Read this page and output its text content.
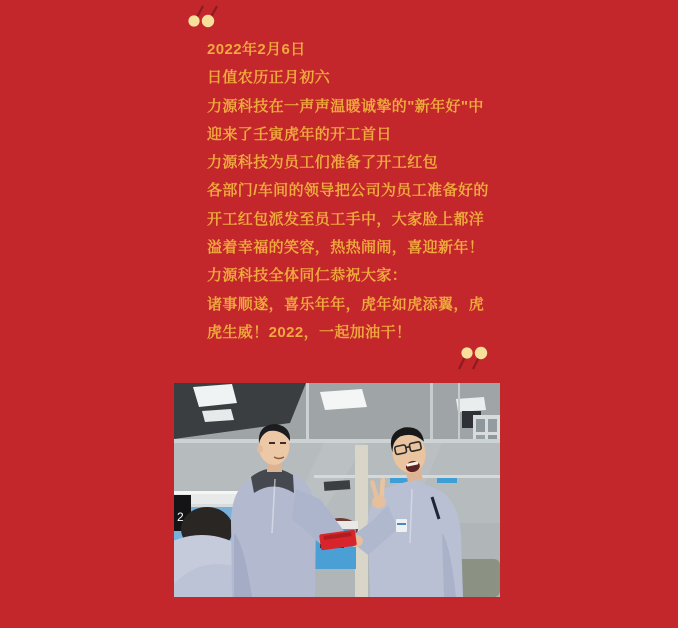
2022年2月6日
日值农历正月初六
力源科技在一声声温暖诚挚的"新年好"中
迎来了壬寅虎年的开工首日
力源科技为员工们准备了开工红包
各部门/车间的领导把公司为员工准备好的
开工红包派发至员工手中，大家脸上都洋
溢着幸福的笑容，热热闹闹，喜迎新年！
力源科技全体同仁恭祝大家：
诸事顺遂，喜乐年年，虎年如虎添翼，虎
虎生威！2022，一起加油干！
2
